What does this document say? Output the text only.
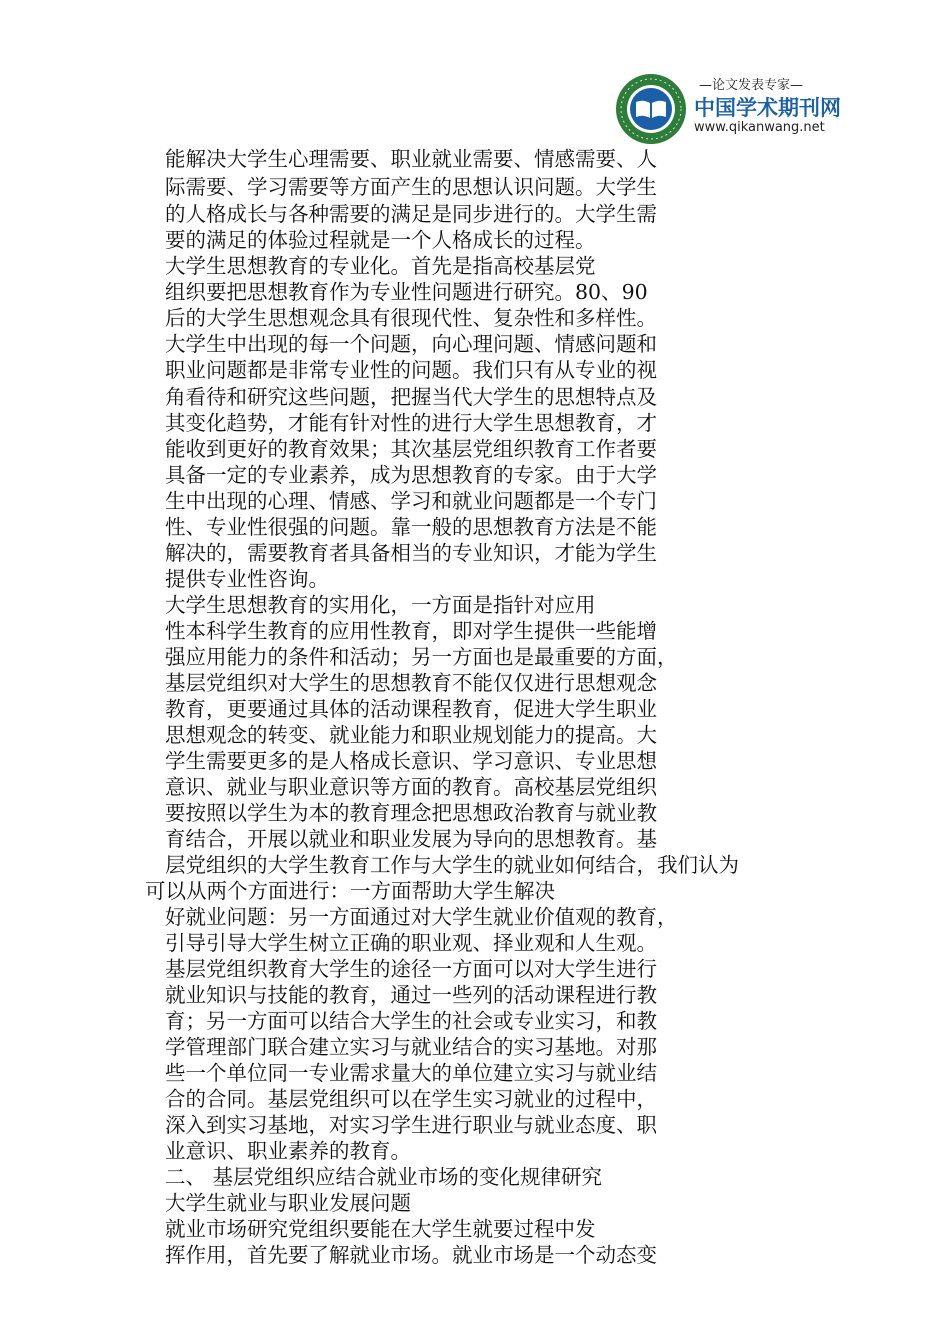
—论文发表专家—
中国学术期刊网
www.qikanwang.net
能解决大学生心理需要、职业就业需要、情感需要、人
际需要、学习需要等方面产生的思想认识问题。大学生
的人格成长与各种需要的满足是同步进行的。大学生需
要的满足的体验过程就是一个人格成长的过程。
大学生思想教育的专业化。首先是指高校基层党
组织要把思想教育作为专业性问题进行研究。80、90
后的大学生思想观念具有很现代性、复杂性和多样性。
大学生中出现的每一个问题，向心理问题、情感问题和
职业问题都是非常专业性的问题。我们只有从专业的视
角看待和研究这些问题，把握当代大学生的思想特点及
其变化趋势，才能有针对性的进行大学生思想教育，才
能收到更好的教育效果；其次基层党组织教育工作者要
具备一定的专业素养，成为思想教育的专家。由于大学
生中出现的心理、情感、学习和就业问题都是一个专门
性、专业性很强的问题。靠一般的思想教育方法是不能
解决的，需要教育者具备相当的专业知识，才能为学生
提供专业性咨询。
大学生思想教育的实用化，一方面是指针对应用
性本科学生教育的应用性教育，即对学生提供一些能增
强应用能力的条件和活动；另一方面也是最重要的方面，
基层党组织对大学生的思想教育不能仅仅进行思想观念
教育，更要通过具体的活动课程教育，促进大学生职业
思想观念的转变、就业能力和职业规划能力的提高。大
学生需要更多的是人格成长意识、学习意识、专业思想
意识、就业与职业意识等方面的教育。高校基层党组织
要按照以学生为本的教育理念把思想政治教育与就业教
育结合，开展以就业和职业发展为导向的思想教育。基
层党组织的大学生教育工作与大学生的就业如何结合，我们认为
可以从两个方面进行：一方面帮助大学生解决
好就业问题：另一方面通过对大学生就业价值观的教育，
引导引导大学生树立正确的职业观、择业观和人生观。
基层党组织教育大学生的途径一方面可以对大学生进行
就业知识与技能的教育，通过一些列的活动课程进行教
育；另一方面可以结合大学生的社会或专业实习，和教
学管理部门联合建立实习与就业结合的实习基地。对那
些一个单位同一专业需求量大的单位建立实习与就业结
合的合同。基层党组织可以在学生实习就业的过程中，
深入到实习基地，对实习学生进行职业与就业态度、职
业意识、职业素养的教育。
二、 基层党组织应结合就业市场的变化规律研究
大学生就业与职业发展问题
就业市场研究党组织要能在大学生就要过程中发
挥作用，首先要了解就业市场。就业市场是一个动态变
